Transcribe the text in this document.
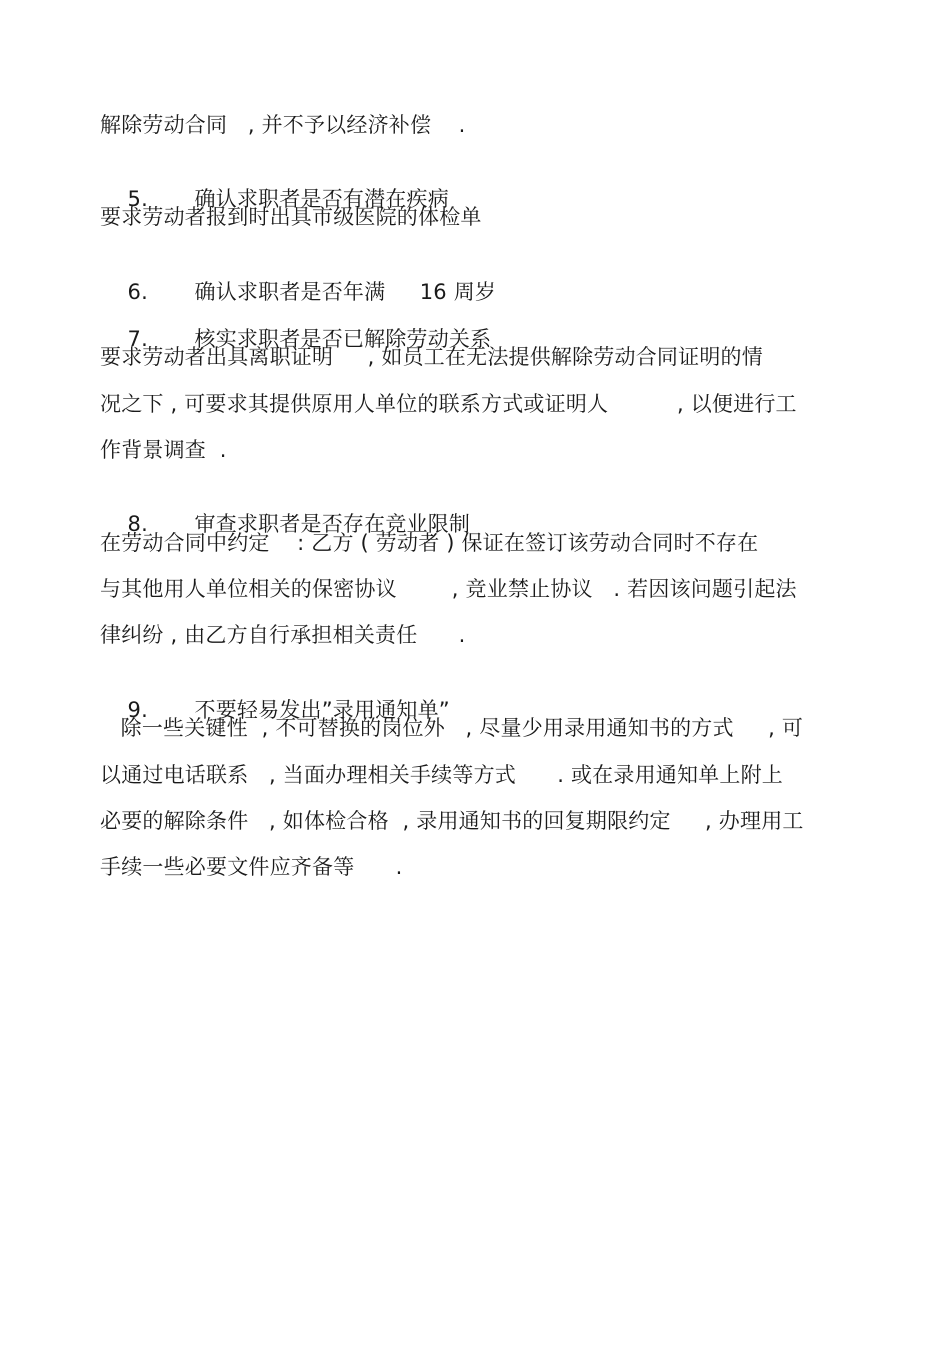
解除劳动合同   , 并不予以经济补偿    .

5. 确认求职者是否有潜在疾病

要求劳动者报到时出具市级医院的体检单

6. 确认求职者是否年满     16 周岁

7. 核实求职者是否已解除劳动关系

要求劳动者出具离职证明     , 如员工在无法提供解除劳动合同证明的情
况之下 , 可要求其提供原用人单位的联系方式或证明人          , 以便进行工
作背景调查  .

8. 审查求职者是否存在竞业限制

在劳动合同中约定    : 乙方 ( 劳动者 ) 保证在签订该劳动合同时不存在
与其他用人单位相关的保密协议        , 竞业禁止协议   . 若因该问题引起法
律纠纷 , 由乙方自行承担相关责任      .

9. 不要轻易发出”录用通知单”

除一些关键性  , 不可替换的岗位外   , 尽量少用录用通知书的方式     , 可
以通过电话联系   , 当面办理相关手续等方式      . 或在录用通知单上附上
必要的解除条件   , 如体检合格  , 录用通知书的回复期限约定     , 办理用工
手续一些必要文件应齐备等      .
